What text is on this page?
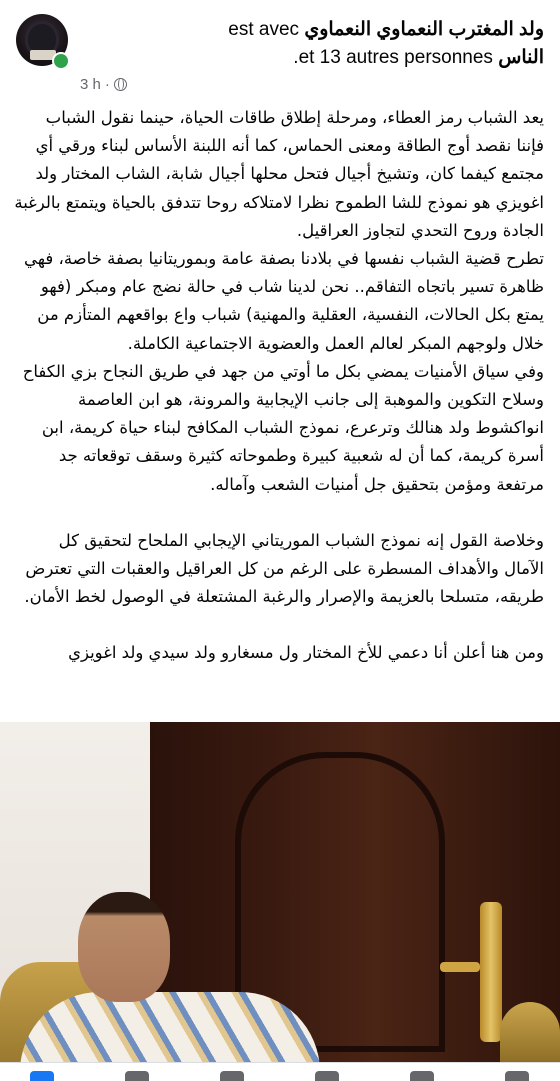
ولد المغترب النعماوي النعماوي est avec
الناس et 13 autres personnes.
3 h ·

يعد الشباب رمز العطاء، ومرحلة إطلاق طاقات الحياة، حينما نقول الشباب فإننا نقصد أوج الطاقة ومعنى الحماس، كما أنه اللبنة الأساس لبناء ورقي أي مجتمع كيفما كان، وتشيخ أجيال فتحل محلها أجيال شابة، الشاب المختار ولد اغويزي هو نموذج للشا الطموح نظرا لامتلاكه روحا تتدفق بالحياة ويتمتع بالرغبة الجادة وروح التحدي لتجاوز العراقيل.

تطرح قضية الشباب نفسها في بلادنا بصفة عامة وبموريتانيا بصفة خاصة، فهي ظاهرة تسير باتجاه التفاقم.. نحن لدينا شاب في حالة نضج عام ومبكر (فهو يمتع بكل الحالات، النفسية، العقلية والمهنية) شباب واع بواقعهم المتأزم من خلال ولوجهم المبكر لعالم العمل والعضوية الاجتماعية الكاملة.

وفي سياق الأمنيات يمضي بكل ما أوتي من جهد في طريق النجاح بزي الكفاح وسلاح التكوين والموهبة إلى جانب الإيجابية والمرونة، هو ابن العاصمة انواكشوط ولد هنالك وترعرع، نموذج الشباب المكافح لبناء حياة كريمة، ابن أسرة كريمة، كما أن له شعبية كبيرة وطموحاته كثيرة وسقف توقعاته جد مرتفعة ومؤمن بتحقيق جل أمنيات الشعب وآماله.

وخلاصة القول إنه نموذج الشباب الموريتاني الإيجابي الملحاح لتحقيق كل الآمال والأهداف المسطرة على الرغم من كل العراقيل والعقبات التي تعترض طريقه، متسلحا بالعزيمة والإصرار والرغبة المشتعلة في الوصول لخط الأمان.

ومن هنا أعلن أنا دعمي للأخ المختار ول مسغارو ولد سيدي ولد اغويزي
